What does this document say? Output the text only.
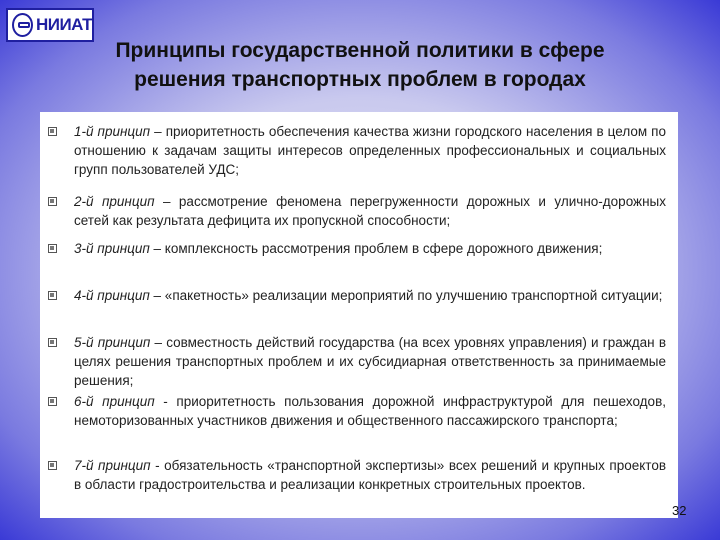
НИИАТ
Принципы государственной политики в сфере
решения транспортных проблем в городах
1-й принцип – приоритетность обеспечения качества жизни городского населения в целом по отношению к задачам защиты интересов определенных профессиональных и социальных групп пользователей УДС;
2-й принцип – рассмотрение феномена перегруженности дорожных и улично-дорожных сетей как результата дефицита их пропускной способности;
3-й принцип – комплексность рассмотрения проблем в сфере дорожного движения;
4-й принцип – «пакетность» реализации мероприятий по улучшению транспортной ситуации;
5-й принцип – совместность действий государства (на всех уровнях управления) и граждан в целях решения транспортных проблем и их субсидиарная ответственность за принимаемые решения;
6-й принцип - приоритетность пользования дорожной инфраструктурой для пешеходов, немоторизованных участников движения и общественного пассажирского транспорта;
7-й принцип - обязательность «транспортной экспертизы» всех решений и крупных проектов в области градостроительства и реализации конкретных строительных проектов.
32
